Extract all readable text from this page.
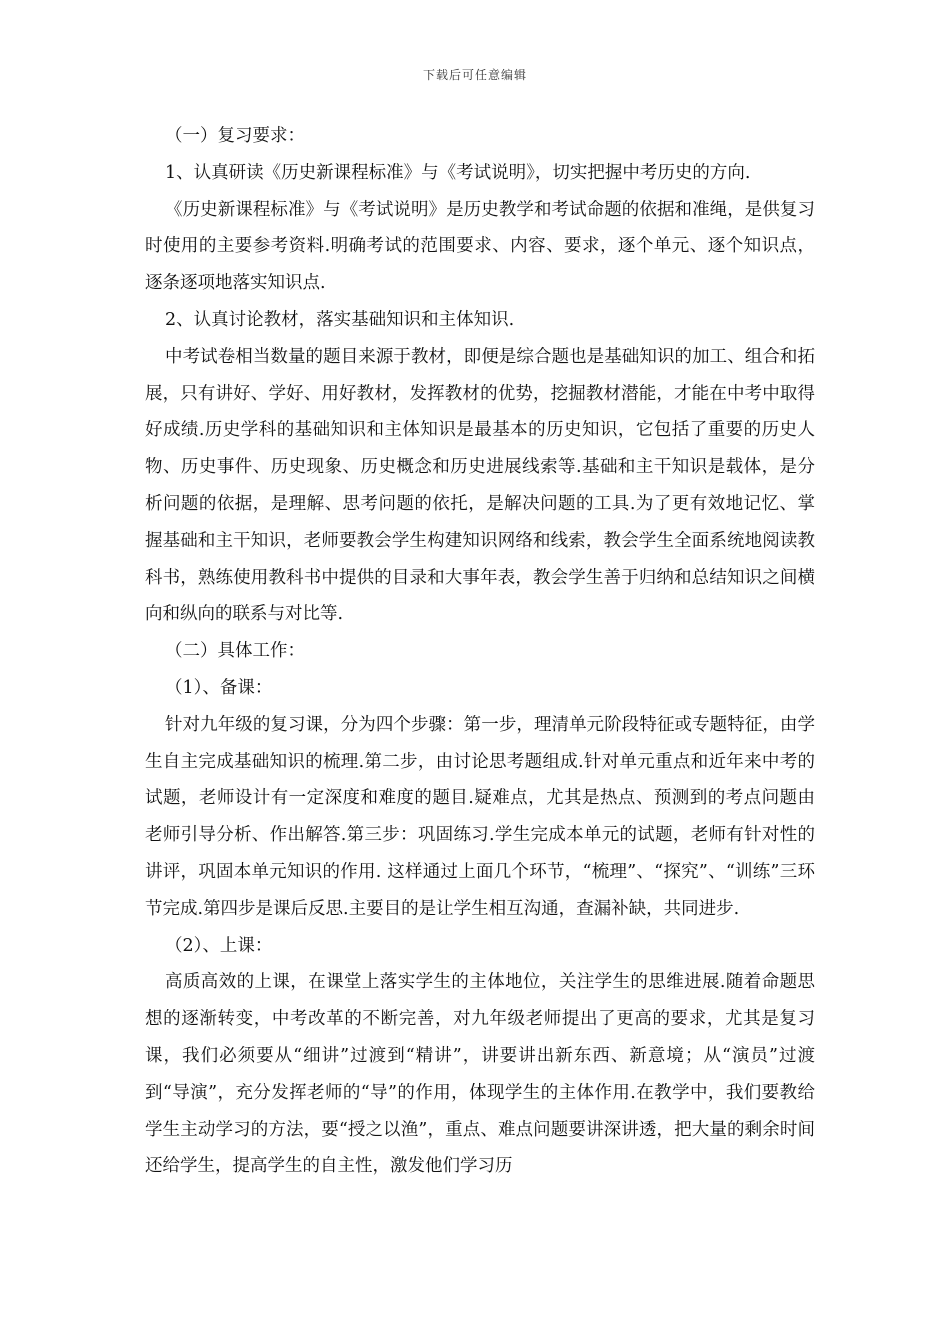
下载后可任意编辑

（一）复习要求：

1、认真研读《历史新课程标准》与《考试说明》，切实把握中考历史的方向.

《历史新课程标准》与《考试说明》是历史教学和考试命题的依据和准绳，是供复习时使用的主要参考资料.明确考试的范围要求、内容、要求，逐个单元、逐个知识点，逐条逐项地落实知识点.

2、认真讨论教材，落实基础知识和主体知识.

中考试卷相当数量的题目来源于教材，即便是综合题也是基础知识的加工、组合和拓展，只有讲好、学好、用好教材，发挥教材的优势，挖掘教材潜能，才能在中考中取得好成绩.历史学科的基础知识和主体知识是最基本的历史知识，它包括了重要的历史人物、历史事件、历史现象、历史概念和历史进展线索等.基础和主干知识是载体，是分析问题的依据，是理解、思考问题的依托，是解决问题的工具.为了更有效地记忆、掌握基础和主干知识，老师要教会学生构建知识网络和线索，教会学生全面系统地阅读教科书，熟练使用教科书中提供的目录和大事年表，教会学生善于归纳和总结知识之间横向和纵向的联系与对比等.

（二）具体工作：

（1）、备课：

针对九年级的复习课，分为四个步骤：第一步，理清单元阶段特征或专题特征，由学生自主完成基础知识的梳理.第二步，由讨论思考题组成.针对单元重点和近年来中考的试题，老师设计有一定深度和难度的题目.疑难点，尤其是热点、预测到的考点问题由老师引导分析、作出解答.第三步：巩固练习.学生完成本单元的试题，老师有针对性的讲评，巩固本单元知识的作用. 这样通过上面几个环节，“梳理”、“探究”、“训练”三环节完成.第四步是课后反思.主要目的是让学生相互沟通，查漏补缺，共同进步.

（2）、上课：

高质高效的上课，在课堂上落实学生的主体地位，关注学生的思维进展.随着命题思想的逐渐转变，中考改革的不断完善，对九年级老师提出了更高的要求，尤其是复习课，我们必须要从“细讲”过渡到“精讲”，讲要讲出新东西、新意境；从“演员”过渡到“导演”，充分发挥老师的“导”的作用，体现学生的主体作用.在教学中，我们要教给学生主动学习的方法，要“授之以渔”，重点、难点问题要讲深讲透，把大量的剩余时间还给学生，提高学生的自主性，激发他们学习历
